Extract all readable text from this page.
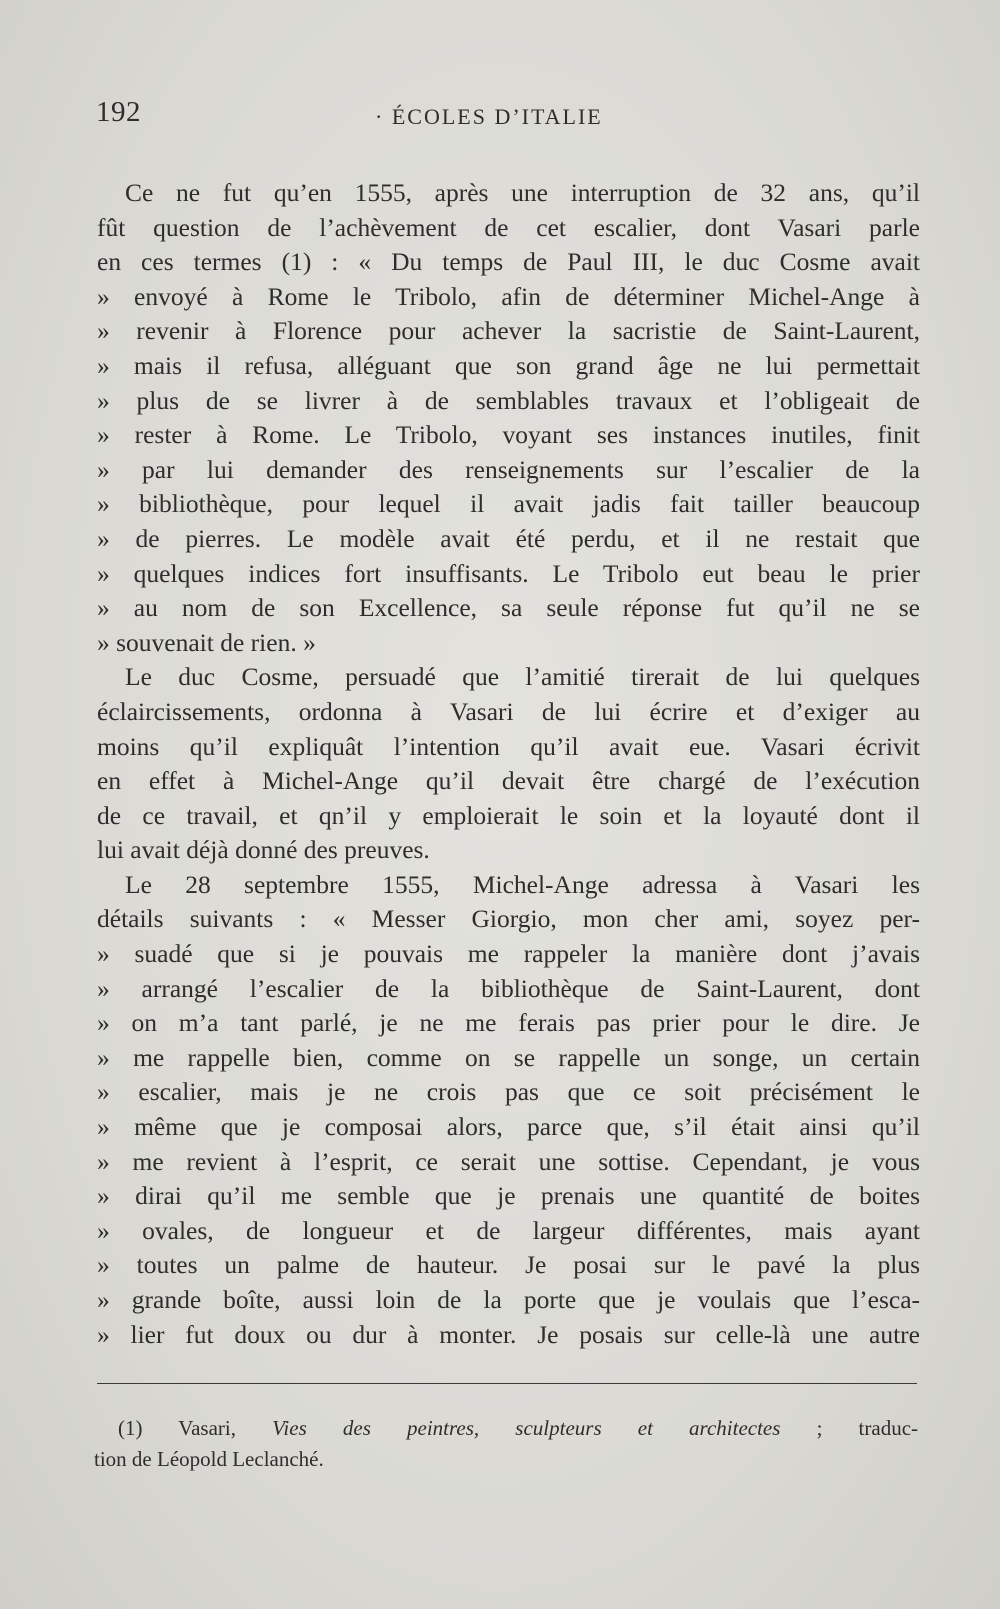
192	· ÉCOLES D’ITALIE
Ce ne fut qu’en 1555, après une interruption de 32 ans, qu’il
fût question de l’achèvement de cet escalier, dont Vasari parle
en ces termes (1) : « Du temps de Paul III, le duc Cosme avait
» envoyé à Rome le Tribolo, afin de déterminer Michel-Ange à
» revenir à Florence pour achever la sacristie de Saint-Laurent,
» mais il refusa, alléguant que son grand âge ne lui permettait
» plus de se livrer à de semblables travaux et l’obligeait de
» rester à Rome. Le Tribolo, voyant ses instances inutiles, finit
» par lui demander des renseignements sur l’escalier de la
» bibliothèque, pour lequel il avait jadis fait tailler beaucoup
» de pierres. Le modèle avait été perdu, et il ne restait que
» quelques indices fort insuffisants. Le Tribolo eut beau le prier
» au nom de son Excellence, sa seule réponse fut qu’il ne se
» souvenait de rien. »
Le duc Cosme, persuadé que l’amitié tirerait de lui quelques
éclaircissements, ordonna à Vasari de lui écrire et d’exiger au
moins qu’il expliquât l’intention qu’il avait eue. Vasari écrivit
en effet à Michel-Ange qu’il devait être chargé de l’exécution
de ce travail, et qn’il y emploierait le soin et la loyauté dont il
lui avait déjà donné des preuves.
Le 28 septembre 1555, Michel-Ange adressa à Vasari les
détails suivants : « Messer Giorgio, mon cher ami, soyez per-
» suadé que si je pouvais me rappeler la manière dont j’avais
» arrangé l’escalier de la bibliothèque de Saint-Laurent, dont
» on m’a tant parlé, je ne me ferais pas prier pour le dire. Je
» me rappelle bien, comme on se rappelle un songe, un certain
» escalier, mais je ne crois pas que ce soit précisément le
» même que je composai alors, parce que, s’il était ainsi qu’il
» me revient à l’esprit, ce serait une sottise. Cependant, je vous
» dirai qu’il me semble que je prenais une quantité de boites
» ovales, de longueur et de largeur différentes, mais ayant
» toutes un palme de hauteur. Je posai sur le pavé la plus
» grande boîte, aussi loin de la porte que je voulais que l’esca-
» lier fut doux ou dur à monter. Je posais sur celle-là une autre
(1) Vasari, Vies des peintres, sculpteurs et architectes ; traduc-
tion de Léopold Leclanché.
